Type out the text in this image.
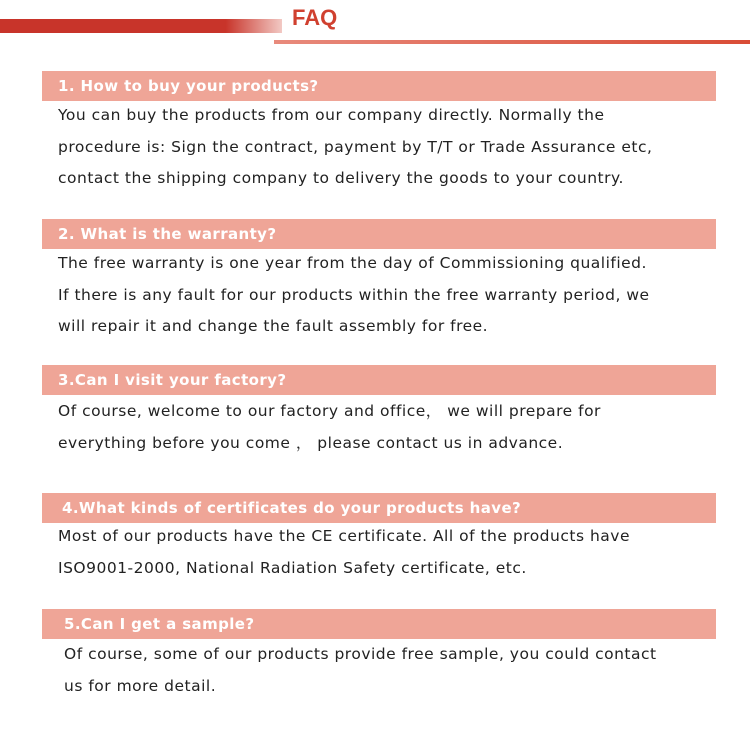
FAQ
1. How to buy your products?
You can buy the products from our company directly. Normally the
procedure is: Sign the contract, payment by T/T or Trade Assurance etc,
contact the shipping company to delivery the goods to your country.
2. What is the warranty?
The free warranty is one year from the day of Commissioning qualified.
If there is any fault for our products within the free warranty period, we
will repair it and change the fault assembly for free.
3.Can I visit your factory?
Of course, welcome to our factory and office， we will prepare for
everything before you come ， please contact us in advance.
4.What kinds of certificates do your products have?
Most of our products have the CE certificate. All of the products have
ISO9001-2000, National Radiation Safety certificate, etc.
5.Can I get a sample?
Of course, some of our products provide free sample, you could contact
us for more detail.
